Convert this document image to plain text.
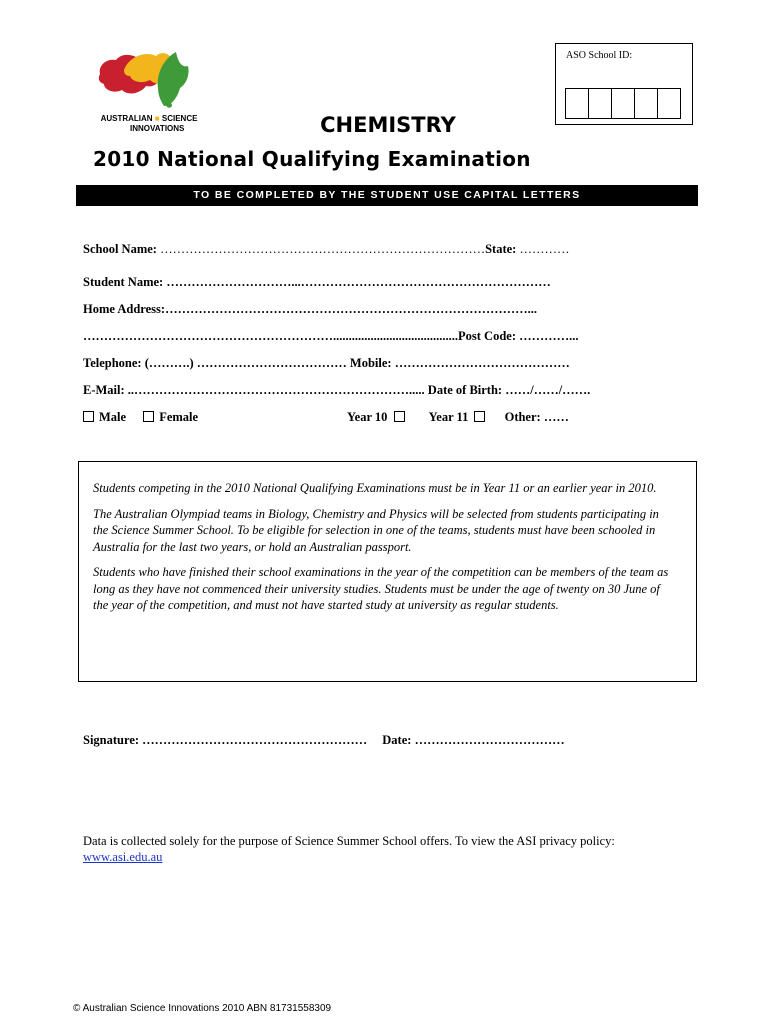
AUSTRALIAN ■ SCIENCE
INNOVATIONS
ASO School ID:
CHEMISTRY
2010 National Qualifying Examination
TO BE COMPLETED BY THE STUDENT USE CAPITAL LETTERS
School Name: ……………………………………………………………………State: …………
Student Name: …………………………...……………………………………………………
Home Address:……………………………………………………………………………...
……………………………………………………........................................Post Code: …………...
Telephone: (……….) ……………………………… Mobile: ……………………………………
E-Mail: ..…………………………………………………………..... Date of Birth: ……/……/…….
Male	Female	Year 10	Year 11	Other: ……

Students competing in the 2010 National Qualifying Examinations must be in Year 11 or an earlier year in 2010.

The Australian Olympiad teams in Biology, Chemistry and Physics will be selected from students participating in the Science Summer School. To be eligible for selection in one of the teams, students must have been schooled in Australia for the last two years, or hold an Australian passport.

Students who have finished their school examinations in the year of the competition can be members of the team as long as they have not commenced their university studies. Students must be under the age of twenty on 30 June of the year of the competition, and must not have started study at university as regular students.

Signature: ……………………………………………… Date: ………………………………
Data is collected solely for the purpose of Science Summer School offers. To view the ASI privacy policy:
www.asi.edu.au
© Australian Science Innovations 2010 ABN 81731558309
